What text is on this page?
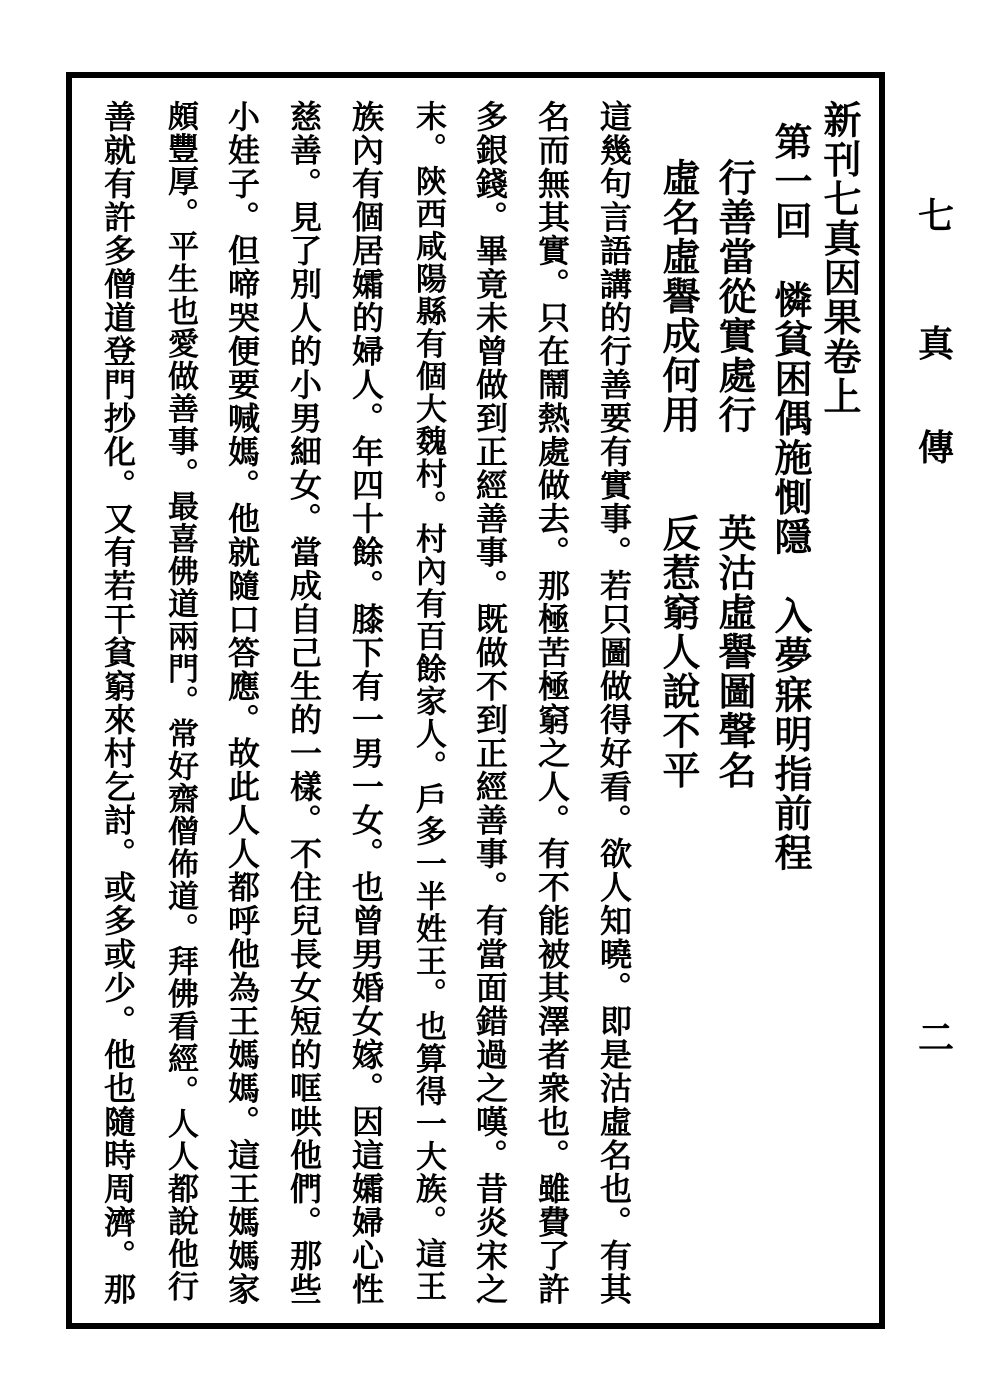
七
真
傳
二
新刊七真因果卷上
第一回　憐貧困偶施惻隱　入夢寐明指前程
行善當從實處行　　英沽虛譽圖聲名
虛名虛譽成何用　　反惹窮人說不平
這幾句言語講的行善要有實事。若只圖做得好看。欲人知曉。即是沽虛名也。有其
名而無其實。只在鬧熱處做去。那極苦極窮之人。有不能被其澤者衆也。雖費了許
多銀錢。畢竟未曾做到正經善事。既做不到正經善事。有當面錯過之嘆。昔炎宋之
末。陝西咸陽縣有個大魏村。村內有百餘家人。戶多一半姓王。也算得一大族。這王
族內有個居孀的婦人。年四十餘。膝下有一男一女。也曾男婚女嫁。因這孀婦心性
慈善。見了別人的小男細女。當成自己生的一樣。不住兒長女短的哐哄他們。那些
小娃子。但啼哭便要喊媽。他就隨口答應。故此人人都呼他為王媽媽。這王媽媽家
頗豐厚。平生也愛做善事。最喜佛道兩門。常好齋僧佈道。拜佛看經。人人都說他行
善就有許多僧道登門抄化。又有若干貧窮來村乞討。或多或少。他也隨時周濟。那
